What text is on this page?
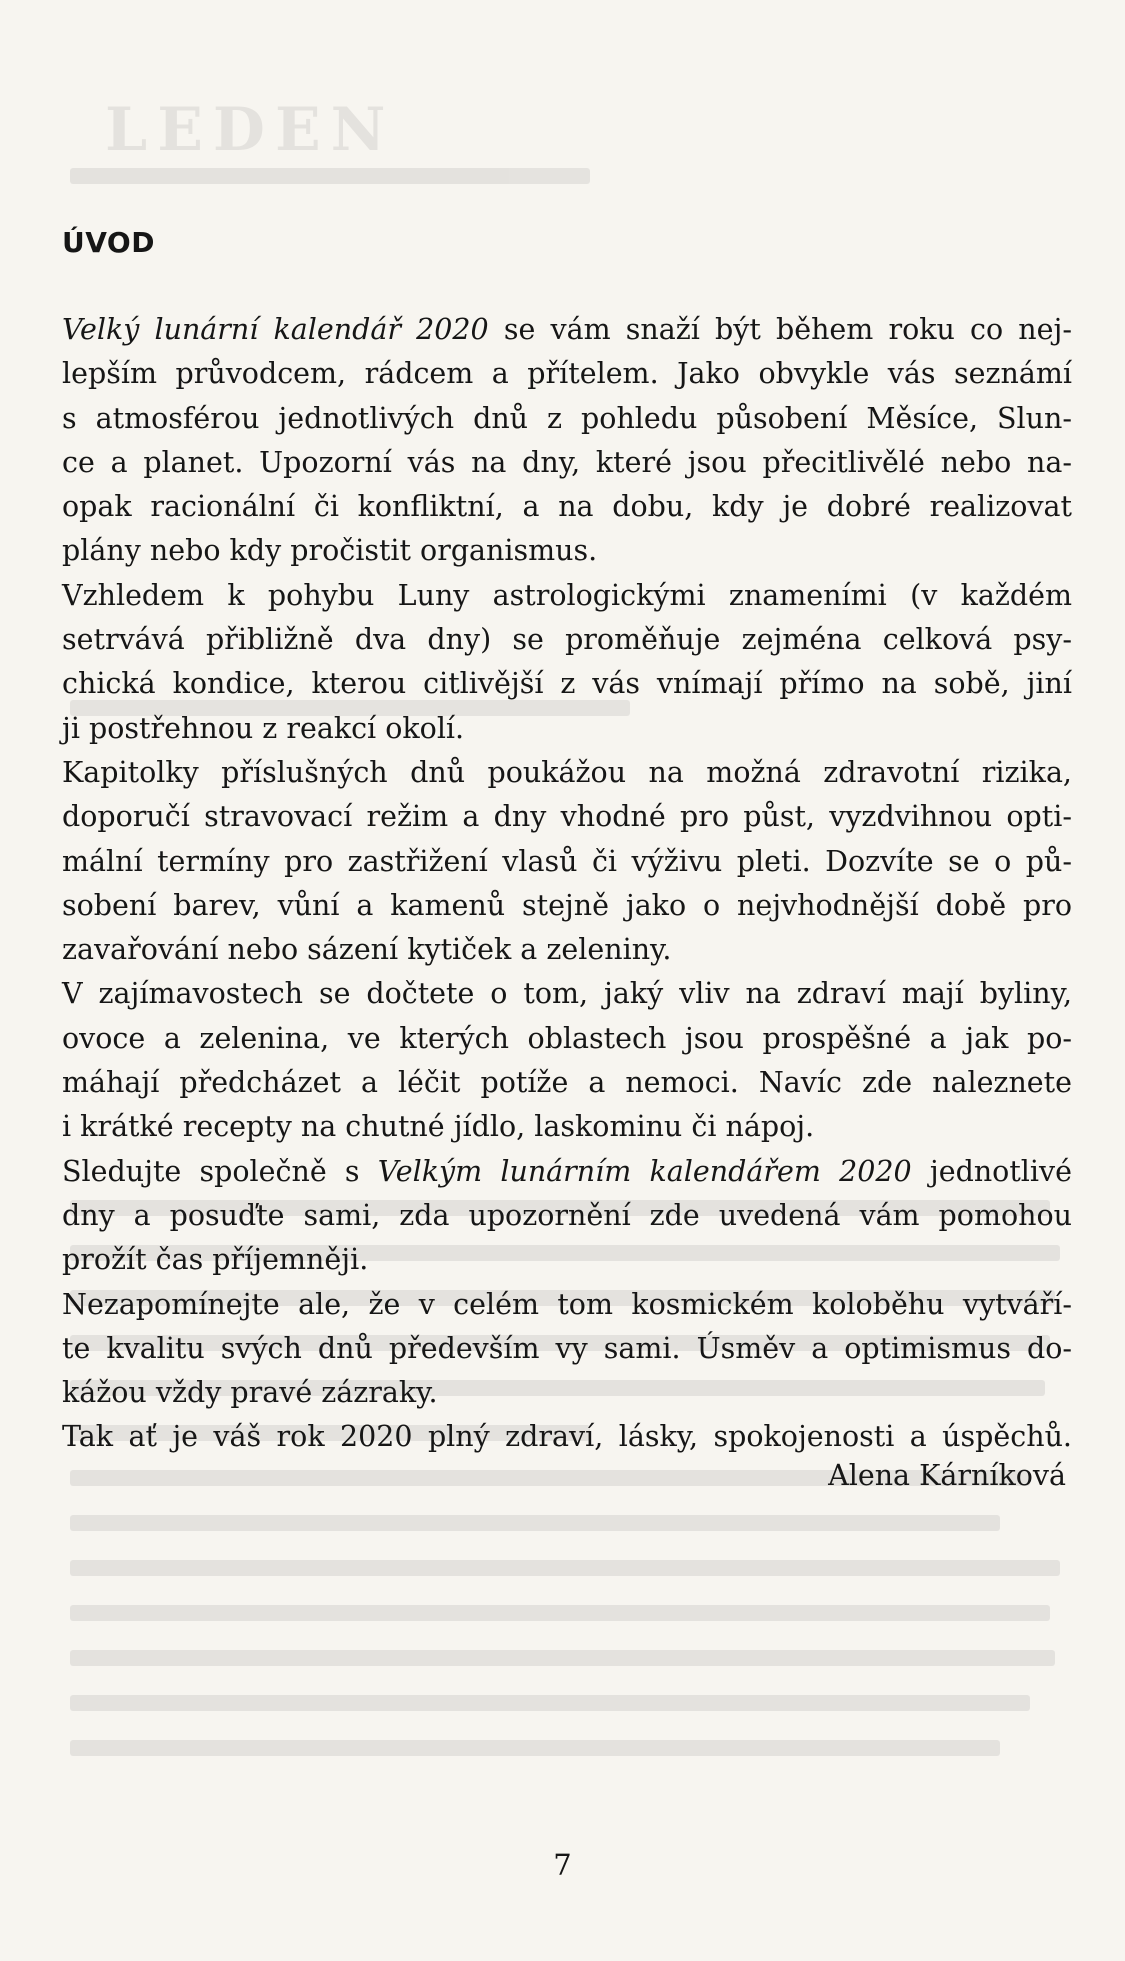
LEDEN
ÚVOD
Velký lunární kalendář 2020 se vám snaží být během roku co nej-
lepším průvodcem, rádcem a přítelem. Jako obvykle vás seznámí
s atmosférou jednotlivých dnů z pohledu působení Měsíce, Slun-
ce a planet. Upozorní vás na dny, které jsou přecitlivělé nebo na-
opak racionální či konfliktní, a na dobu, kdy je dobré realizovat
plány nebo kdy pročistit organismus.
Vzhledem k pohybu Luny astrologickými znameními (v každém
setrvává přibližně dva dny) se proměňuje zejména celková psy-
chická kondice, kterou citlivější z vás vnímají přímo na sobě, jiní
ji postřehnou z reakcí okolí.
Kapitolky příslušných dnů poukážou na možná zdravotní rizika,
doporučí stravovací režim a dny vhodné pro půst, vyzdvihnou opti-
mální termíny pro zastřižení vlasů či výživu pleti. Dozvíte se o pů-
sobení barev, vůní a kamenů stejně jako o nejvhodnější době pro
zavařování nebo sázení kytiček a zeleniny.
V zajímavostech se dočtete o tom, jaký vliv na zdraví mají byliny,
ovoce a zelenina, ve kterých oblastech jsou prospěšné a jak po-
máhají předcházet a léčit potíže a nemoci. Navíc zde naleznete
i krátké recepty na chutné jídlo, laskominu či nápoj.
Sledujte společně s Velkým lunárním kalendářem 2020 jednotlivé
dny a posuďte sami, zda upozornění zde uvedená vám pomohou
prožít čas příjemněji.
Nezapomínejte ale, že v celém tom kosmickém koloběhu vytváří-
te kvalitu svých dnů především vy sami. Úsměv a optimismus do-
kážou vždy pravé zázraky.
Tak ať je váš rok 2020 plný zdraví, lásky, spokojenosti a úspěchů.
Alena Kárníková
7
